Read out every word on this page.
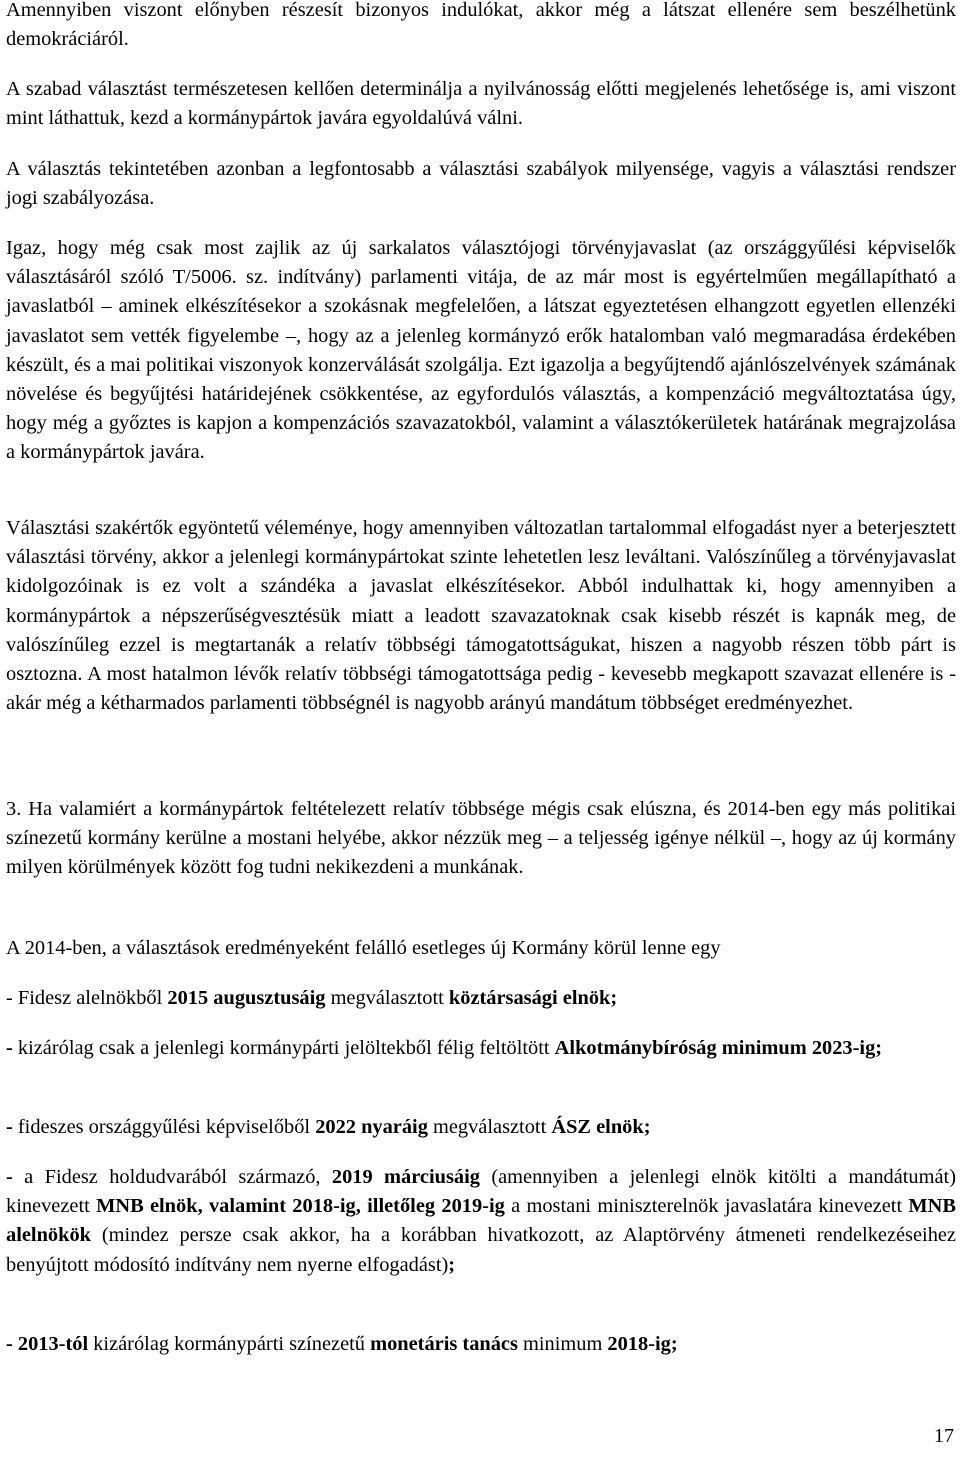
Amennyiben viszont előnyben részesít bizonyos indulókat, akkor még a látszat ellenére sem beszélhetünk demokráciáról.

A szabad választást természetesen kellően determinálja a nyilvánosság előtti megjelenés lehetősége is, ami viszont mint láthattuk, kezd a kormánypártok javára egyoldalúvá válni.

A választás tekintetében azonban a legfontosabb a választási szabályok milyensége, vagyis a választási rendszer jogi szabályozása.

Igaz, hogy még csak most zajlik az új sarkalatos választójogi törvényjavaslat (az országgyűlési képviselők választásáról szóló T/5006. sz. indítvány) parlamenti vitája, de az már most is egyértelműen megállapítható a javaslatból – aminek elkészítésekor a szokásnak megfelelően, a látszat egyeztetésen elhangzott egyetlen ellenzéki javaslatot sem vették figyelembe –, hogy az a jelenleg kormányzó erők hatalomban való megmaradása érdekében készült, és a mai politikai viszonyok konzerválását szolgálja. Ezt igazolja a begyűjtendő ajánlószelvények számának növelése és begyűjtési határidejének csökkentése, az egyfordulós választás, a kompenzáció megváltoztatása úgy, hogy még a győztes is kapjon a kompenzációs szavazatokból, valamint a választókerületek határának megrajzolása a kormánypártok javára.

Választási szakértők egyöntetű véleménye, hogy amennyiben változatlan tartalommal elfogadást nyer a beterjesztett választási törvény, akkor a jelenlegi kormánypártokat szinte lehetetlen lesz leváltani. Valószínűleg a törvényjavaslat kidolgozóinak is ez volt a szándéka a javaslat elkészítésekor. Abból indulhattak ki, hogy amennyiben a kormánypártok a népszerűségvesztésük miatt a leadott szavazatoknak csak kisebb részét is kapnák meg, de valószínűleg ezzel is megtartanák a relatív többségi támogatottságukat, hiszen a nagyobb részen több párt is osztozna. A most hatalmon lévők relatív többségi támogatottsága pedig - kevesebb megkapott szavazat ellenére is - akár még a kétharmados parlamenti többségnél is nagyobb arányú mandátum többséget eredményezhet.

3. Ha valamiért a kormánypártok feltételezett relatív többsége mégis csak elúszna, és 2014-ben egy más politikai színezetű kormány kerülne a mostani helyébe, akkor nézzük meg – a teljesség igénye nélkül –, hogy az új kormány milyen körülmények között fog tudni nekikezdeni a munkának.

A 2014-ben, a választások eredményeként felálló esetleges új Kormány körül lenne egy

- Fidesz alelnökből 2015 augusztusáig megválasztott köztársasági elnök;

- kizárólag csak a jelenlegi kormánypárti jelöltekből félig feltöltött Alkotmánybíróság minimum 2023-ig;

- fideszes országgyűlési képviselőből 2022 nyaráig megválasztott ÁSZ elnök;

- a Fidesz holdudvarából származó, 2019 márciusáig (amennyiben a jelenlegi elnök kitölti a mandátumát) kinevezett MNB elnök, valamint 2018-ig, illetőleg 2019-ig a mostani miniszterelnök javaslatára kinevezett MNB alelnökök (mindez persze csak akkor, ha a korábban hivatkozott, az Alaptörvény átmeneti rendelkezéseihez benyújtott módosító indítvány nem nyerne elfogadást);

- 2013-tól kizárólag kormánypárti színezetű monetáris tanács minimum 2018-ig;

17
